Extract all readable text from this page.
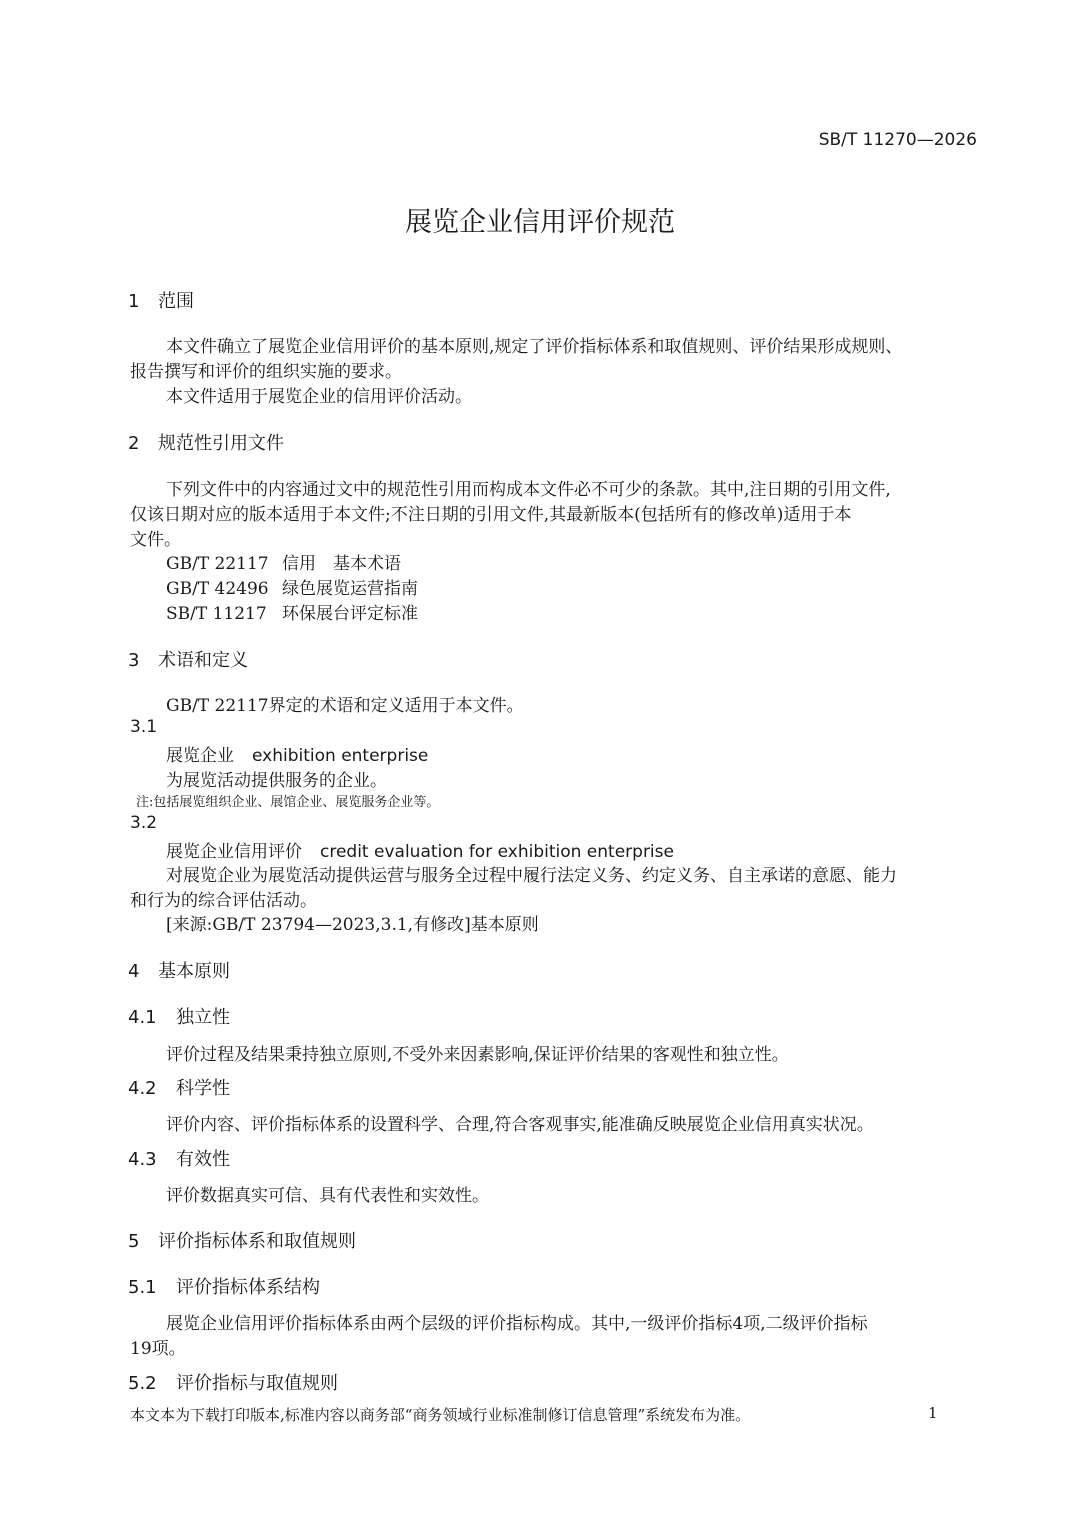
SB/T 11270—2026
展览企业信用评价规范
1 范围
本文件确立了展览企业信用评价的基本原则,规定了评价指标体系和取值规则、评价结果形成规则、
报告撰写和评价的组织实施的要求。
本文件适用于展览企业的信用评价活动。
2 规范性引用文件
下列文件中的内容通过文中的规范性引用而构成本文件必不可少的条款。其中,注日期的引用文件,
仅该日期对应的版本适用于本文件;不注日期的引用文件,其最新版本(包括所有的修改单)适用于本
文件。
GB/T 22117 信用　基本术语
GB/T 42496 绿色展览运营指南
SB/T 11217 环保展台评定标准
3 术语和定义
GB/T 22117界定的术语和定义适用于本文件。
3.1
展览企业 exhibition enterprise
为展览活动提供服务的企业。
注:包括展览组织企业、展馆企业、展览服务企业等。
3.2
展览企业信用评价 credit evaluation for exhibition enterprise
对展览企业为展览活动提供运营与服务全过程中履行法定义务、约定义务、自主承诺的意愿、能力
和行为的综合评估活动。
[来源:GB/T 23794—2023,3.1,有修改]基本原则
4 基本原则
4.1 独立性
评价过程及结果秉持独立原则,不受外来因素影响,保证评价结果的客观性和独立性。
4.2 科学性
评价内容、评价指标体系的设置科学、合理,符合客观事实,能准确反映展览企业信用真实状况。
4.3 有效性
评价数据真实可信、具有代表性和实效性。
5 评价指标体系和取值规则
5.1 评价指标体系结构
展览企业信用评价指标体系由两个层级的评价指标构成。其中,一级评价指标4项,二级评价指标
19项。
5.2 评价指标与取值规则
本文本为下载打印版本,标准内容以商务部“商务领域行业标准制修订信息管理”系统发布为准。	1
